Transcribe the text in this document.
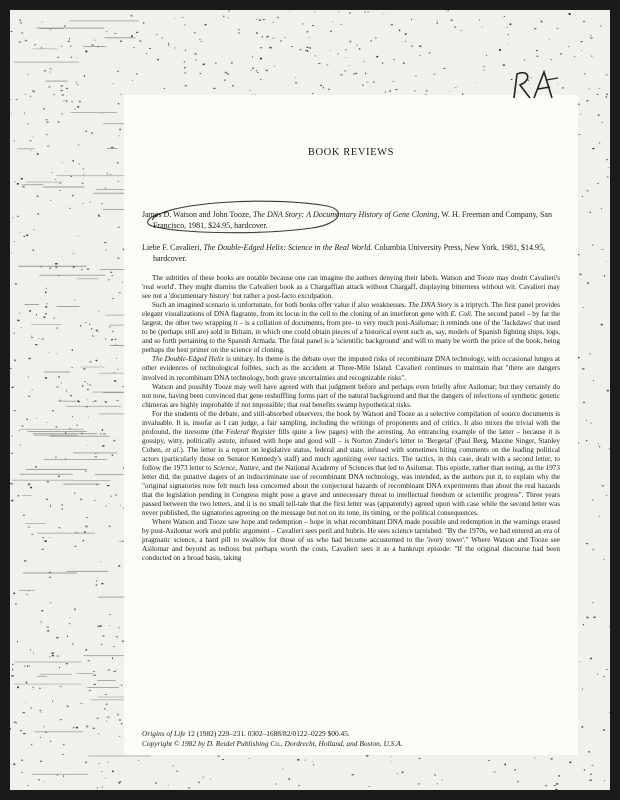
BOOK REVIEWS
James D. Watson and John Tooze, The DNA Story: A Documentary History of Gene Cloning, W. H. Freeman and Company, San Francisco, 1981, $24.95, hardcover.
Liebe F. Cavalieri, The Double-Edged Helix: Science in the Real World. Columbia University Press, New York, 1981, $14.95, hardcover.

The subtitles of these books are notable because one can imagine the authors denying their labels. Watson and Tooze may doubt Cavalieri's 'real world'. They might dismiss the Calvalieri book as a Chargaffian attack without Chargaff, displaying bitterness without wit. Cavalieri may see not a 'documentary history' but rather a post-facto exculpation.

Such an imagined scenario is unfortunate, for both books offer value if also weaknesses. The DNA Story is a triptych. The first panel provides elegant visualizations of DNA flagrante, from its locus in the cell to the cloning of an interferon gene with E. Coli. The second panel – by far the largest, the other two wrapping it – is a collation of documents, from pre- to very much post-Asilomar; it reminds one of the 'Jackdaws' that used to be (perhaps still are) sold in Britain, in which one could obtain pieces of a historical event such as, say, models of Spanish fighting ships, logs, and so forth pertaining to the Spanish Armada. The final panel is a 'scientific background' and will to many be worth the price of the book, being perhaps the best primer on the science of cloning.

The Double-Edged Helix is unitary. Its theme is the debate over the imputed risks of recombinant DNA technology, with occasional lunges at other evidences of technological foibles, such as the accident at Three-Mile Island. Cavalieri continues to maintain that "there are dangers involved in recombinant DNA technology, both grave uncertainties and recognizable risks".

Watson and possibly Tooze may well have agreed with that judgment before and perhaps even briefly after Asilomar; but they certainly do not now, having been convinced that gene reshuffling forms part of the natural background and that the dangers of infections of synthetic genetic chimeras are highly improbable if not impossible; that real benefits swamp hypothetical risks.

For the students of the debate, and still-absorbed observers, the book by Watson and Tooze as a selective compilation of source documents is invaluable. It is, insofar as I can judge, a fair sampling, including the writings of proponents and of critics. It also mixes the trivial with the profound, the tiresome (the Federal Register fills quite a few pages) with the arresting. An entrancing example of the latter – because it is gossipy, witty, politically astute, infused with hope and good will – is Norton Zinder's letter to 'Bergetal' (Paul Berg, Maxine Singer, Stanley Cohen, et al.). The letter is a report on legislative status, federal and state, infused with sometimes biting comments on the leading political actors (particularly those on Senator Kennedy's staff) and much agonizing over tactics. The tactics, in this case, dealt with a second letter, to follow the 1973 letter to Science, Nature, and the National Academy of Sciences that led to Asilomar. This epistle, rather than noting, as the 1973 letter did, the putative dagers of an indiscriminate use of recombinant DNA technology, was intended, as the authors put it, to explain why the "original signatories now felt much less concerned about the conjectural hazards of recombinant DNA experiments than about the real hazards that the legislation pending in Congress might pose a grave and unnecessary threat to intellectual freedom or scientific progress". Three years passed between the two letters, and it is no small tell-tale that the first letter was (apparently) agreed upon with case while the second letter was never published, the signatories agreeing on the message but not on its tone, its timing, or the political consequences.

Where Watson and Tooze saw hope and redemption – hope in what recombinant DNA made possible and redemption in the warnings erased by post-Asilomar work and public argument – Cavalieri sees peril and hubris. He sees science tarnished: "By the 1970s, we had entered an era of pragmatic science, a hard pill to swallow for those of us who had become accustomed to the 'ivory tower'." Where Watson and Tooze see Asilomar and beyond as tedious but perhaps worth the costs, Cavalieri sees it as a bankrupt episode: "If the original discourse had been conducted on a broad basis, taking

Origins of Life 12 (1982) 229–231. 0302–1688/82/0122–0229 $00.45.
Copyright © 1982 by D. Reidel Publishing Co., Dordrecht, Holland, and Boston, U.S.A.
